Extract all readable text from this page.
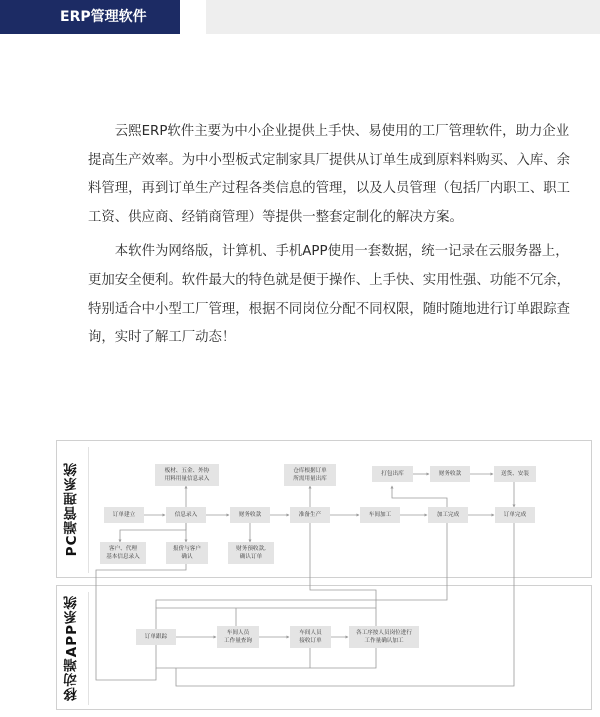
ERP管理软件

云熙ERP软件主要为中小企业提供上手快、易使用的工厂管理软件，助力企业提高生产效率。为中小型板式定制家具厂提供从订单生成到原料料购买、入库、余料管理，再到订单生产过程各类信息的管理，以及人员管理（包括厂内职工、职工工资、供应商、经销商管理）等提供一整套定制化的解决方案。

本软件为网络版，计算机、手机APP使用一套数据，统一记录在云服务器上，更加安全便利。软件最大的特色就是便于操作、上手快、实用性强、功能不冗余，特别适合中小型工厂管理，根据不同岗位分配不同权限，随时随地进行订单跟踪查询，实时了解工厂动态！

PC端管理系统
移动端APP系统
订单建立
板材、五金、外协
用料用量信息录入
信息录入
客户、代理
基本信息录入
报价与客户
确认
财务收款
财务预收款,
确认订单
仓库根据订单
所需用量出库
准备生产	车间加工
打包出库
加工完成
财务收款	送货、安装
订单完成
订单跟踪
车间人员
工作量查询
车间人员
接收订单
各工序按人员岗位进行
工作量确认加工
